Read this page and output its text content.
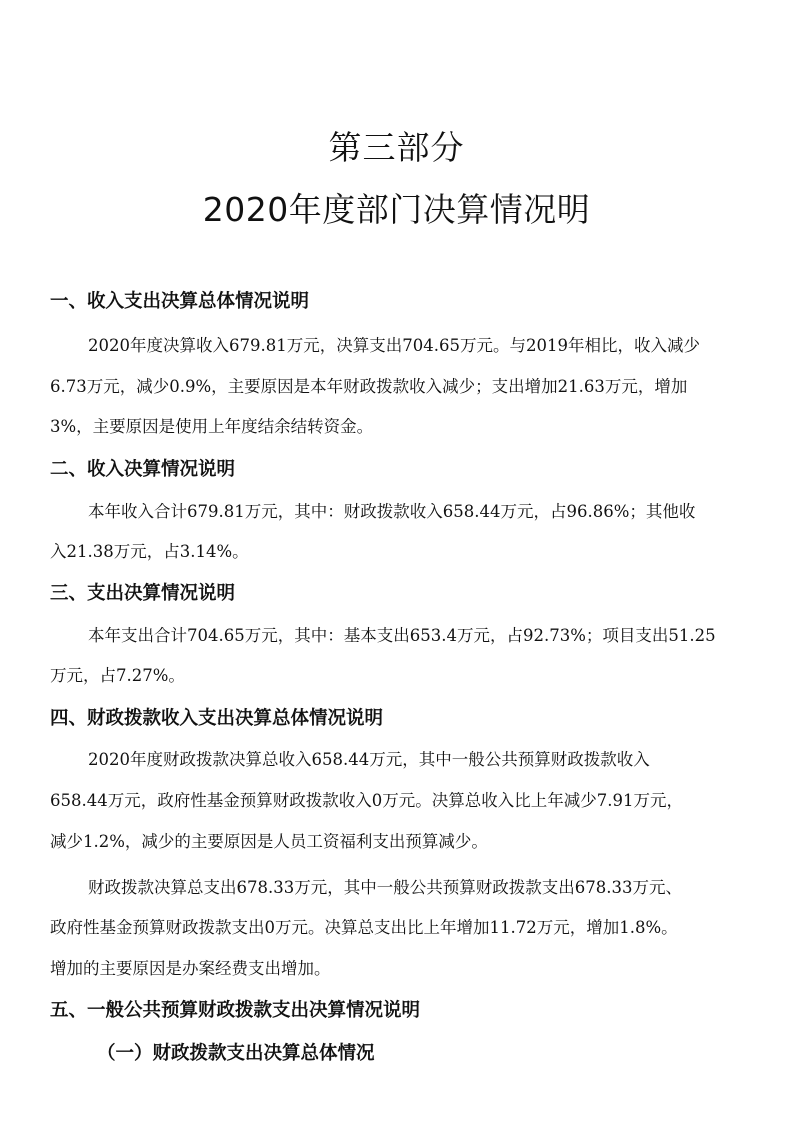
第三部分
2020年度部门决算情况明
一、收入支出决算总体情况说明
2020年度决算收入679.81万元，决算支出704.65万元。与2019年相比，收入减少
6.73万元，减少0.9%，主要原因是本年财政拨款收入减少；支出增加21.63万元，增加
3%，主要原因是使用上年度结余结转资金。
二、收入决算情况说明
本年收入合计679.81万元，其中：财政拨款收入658.44万元，占96.86%；其他收
入21.38万元，占3.14%。
三、支出决算情况说明
本年支出合计704.65万元，其中：基本支出653.4万元，占92.73%；项目支出51.25
万元，占7.27%。
四、财政拨款收入支出决算总体情况说明
2020年度财政拨款决算总收入658.44万元，其中一般公共预算财政拨款收入
658.44万元，政府性基金预算财政拨款收入0万元。决算总收入比上年减少7.91万元，
减少1.2%，减少的主要原因是人员工资福利支出预算减少。
财政拨款决算总支出678.33万元，其中一般公共预算财政拨款支出678.33万元、
政府性基金预算财政拨款支出0万元。决算总支出比上年增加11.72万元，增加1.8%。
增加的主要原因是办案经费支出增加。
五、一般公共预算财政拨款支出决算情况说明
（一）财政拨款支出决算总体情况
